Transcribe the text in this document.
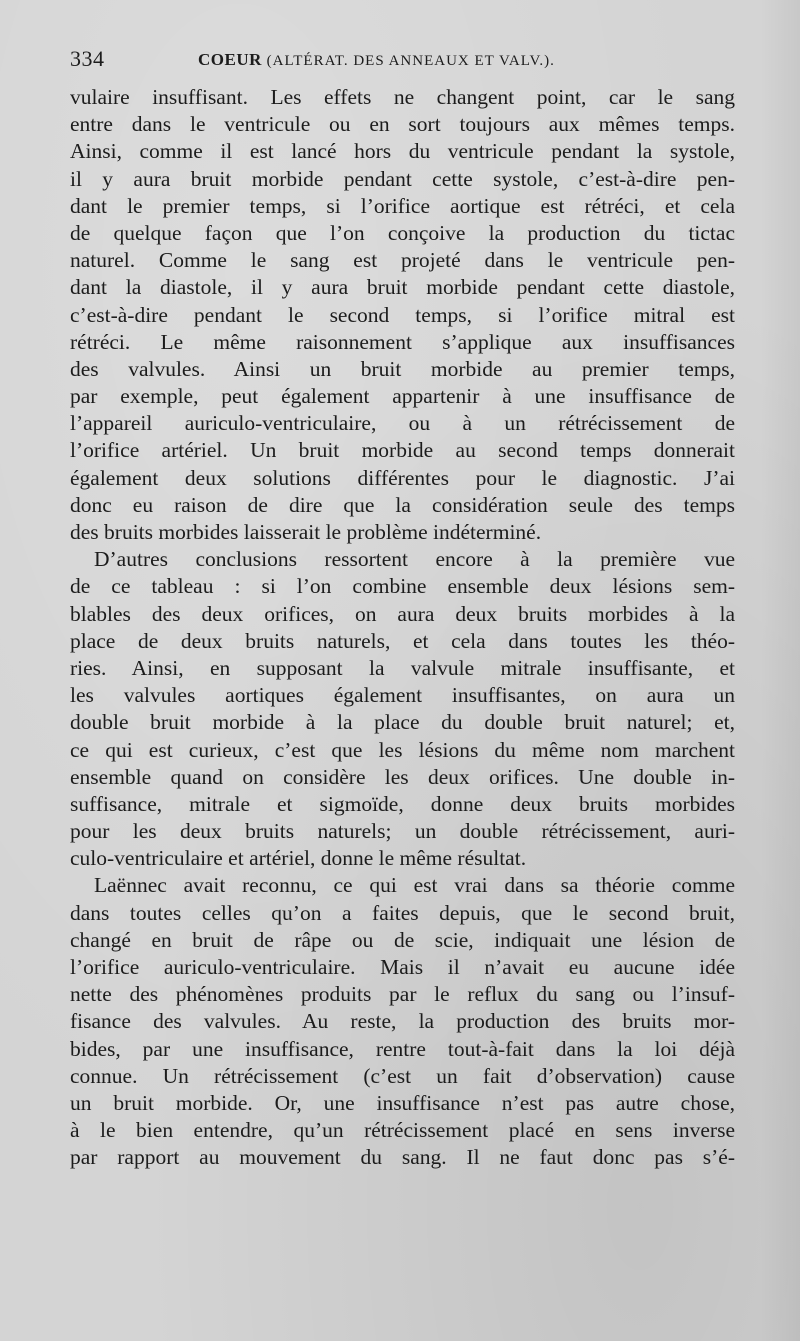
334	COEUR (ALTÉRAT. DES ANNEAUX ET VALV.).
vulaire insuffisant. Les effets ne changent point, car le sang
entre dans le ventricule ou en sort toujours aux mêmes temps.
Ainsi, comme il est lancé hors du ventricule pendant la systole,
il y aura bruit morbide pendant cette systole, c’est-à-dire pen-
dant le premier temps, si l’orifice aortique est rétréci, et cela
de quelque façon que l’on conçoive la production du tictac
naturel. Comme le sang est projeté dans le ventricule pen-
dant la diastole, il y aura bruit morbide pendant cette diastole,
c’est-à-dire pendant le second temps, si l’orifice mitral est
rétréci. Le même raisonnement s’applique aux insuffisances
des valvules. Ainsi un bruit morbide au premier temps,
par exemple, peut également appartenir à une insuffisance de
l’appareil auriculo-ventriculaire, ou à un rétrécissement de
l’orifice artériel. Un bruit morbide au second temps donnerait
également deux solutions différentes pour le diagnostic. J’ai
donc eu raison de dire que la considération seule des temps
des bruits morbides laisserait le problème indéterminé.
D’autres conclusions ressortent encore à la première vue
de ce tableau : si l’on combine ensemble deux lésions sem-
blables des deux orifices, on aura deux bruits morbides à la
place de deux bruits naturels, et cela dans toutes les théo-
ries. Ainsi, en supposant la valvule mitrale insuffisante, et
les valvules aortiques également insuffisantes, on aura un
double bruit morbide à la place du double bruit naturel; et,
ce qui est curieux, c’est que les lésions du même nom marchent
ensemble quand on considère les deux orifices. Une double in-
suffisance, mitrale et sigmoïde, donne deux bruits morbides
pour les deux bruits naturels; un double rétrécissement, auri-
culo-ventriculaire et artériel, donne le même résultat.
Laënnec avait reconnu, ce qui est vrai dans sa théorie comme
dans toutes celles qu’on a faites depuis, que le second bruit,
changé en bruit de râpe ou de scie, indiquait une lésion de
l’orifice auriculo-ventriculaire. Mais il n’avait eu aucune idée
nette des phénomènes produits par le reflux du sang ou l’insuf-
fisance des valvules. Au reste, la production des bruits mor-
bides, par une insuffisance, rentre tout-à-fait dans la loi déjà
connue. Un rétrécissement (c’est un fait d’observation) cause
un bruit morbide. Or, une insuffisance n’est pas autre chose,
à le bien entendre, qu’un rétrécissement placé en sens inverse
par rapport au mouvement du sang. Il ne faut donc pas s’é-
